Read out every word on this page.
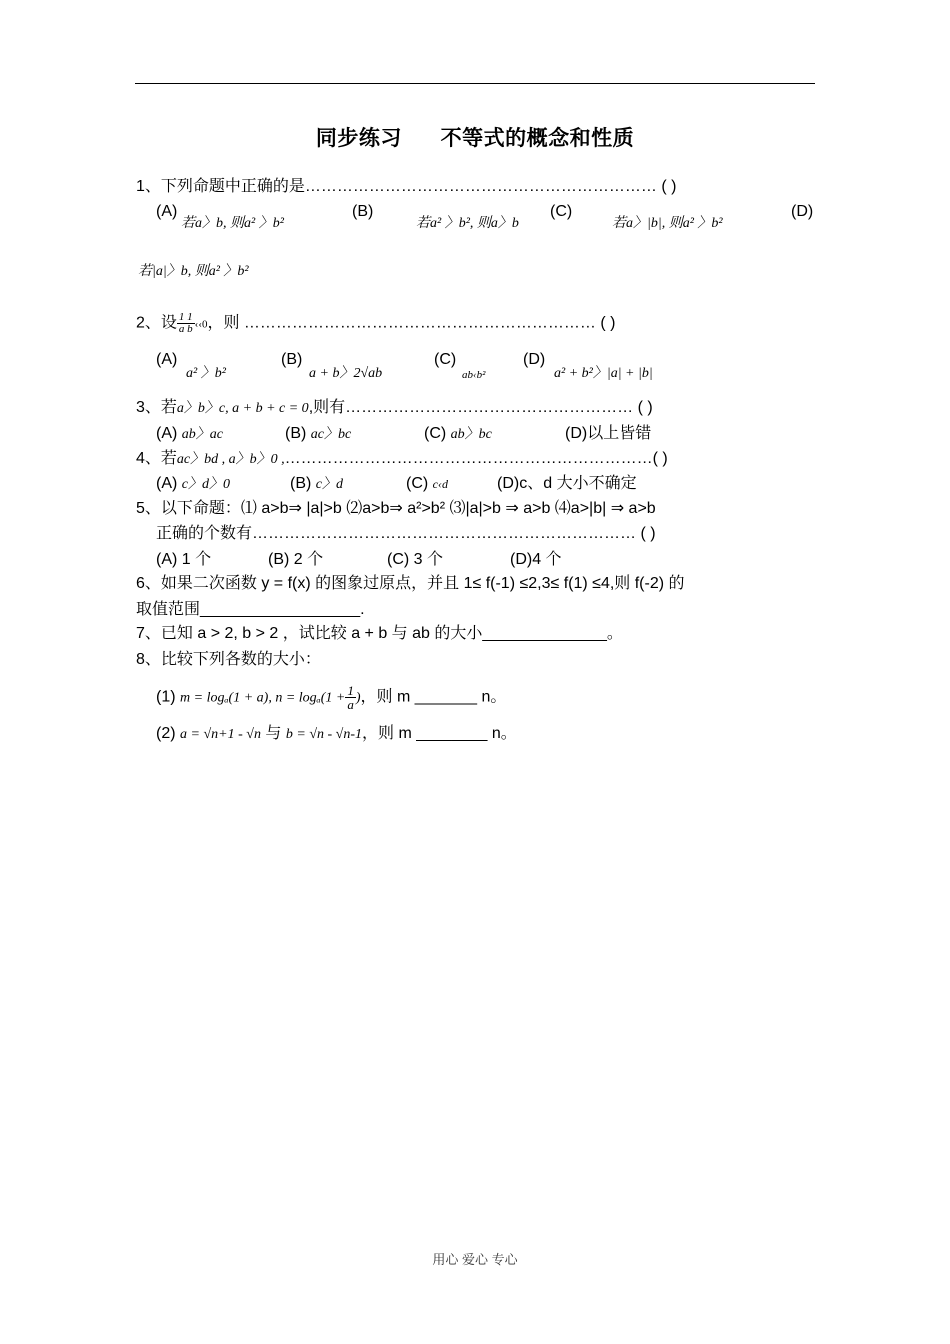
同步练习 不等式的概念和性质
1、下列命题中正确的是………………………………………………………… ( )
(A)
若a〉b, 则a² 〉b²
(B)
若a² 〉b², 则a〉b
(C)
若a〉|b|, 则a² 〉b²
(D)
若|a|〉b, 则a² 〉b²
2、设 $\frac{1 1}{\text{a b}}$ ‹‹0，则 ………………………………………………………… ( )
(A)
a² 〉b²
(B)
a + b〉2√ab
(C)
ab‹b²
(D)
a² + b²〉|a| + |b|
3、若a〉b〉c, a + b + c = 0,则有……………………………………………… ( )
(A) ab〉ac	(B) ac〉bc	(C) ab〉bc	(D)以上皆错
4、若ac〉bd , a〉b〉0 ,……………………………………………………………( )
(A) c〉d〉0	(B) c〉d	(C) c‹d	(D)c、d 大小不确定
5、以下命题：⑴ a>b⇒ |a|>b ⑵a>b⇒ a²>b² ⑶|a|>b ⇒ a>b ⑷a>|b| ⇒ a>b
正确的个数有……………………………………………………………… ( )
(A) 1 个	(B) 2 个	(C) 3 个	(D)4 个
6、如果二次函数 y = f(x) 的图象过原点，并且 1≤ f(-1) ≤2,3≤ f(1) ≤4,则 f(-2) 的
取值范围__________________.
7、已知 a > 2, b > 2 ，试比较 a + b 与 ab 的大小______________。
8、比较下列各数的大小：
(1) m = logₐ(1 + a), $n = \log_a(1 + \frac{1}{a}$ )，则 m _______ n。
(2) a = √n+1 - √n 与 b = √n - √n-1，则 m ________ n。
用心 爱心 专心
